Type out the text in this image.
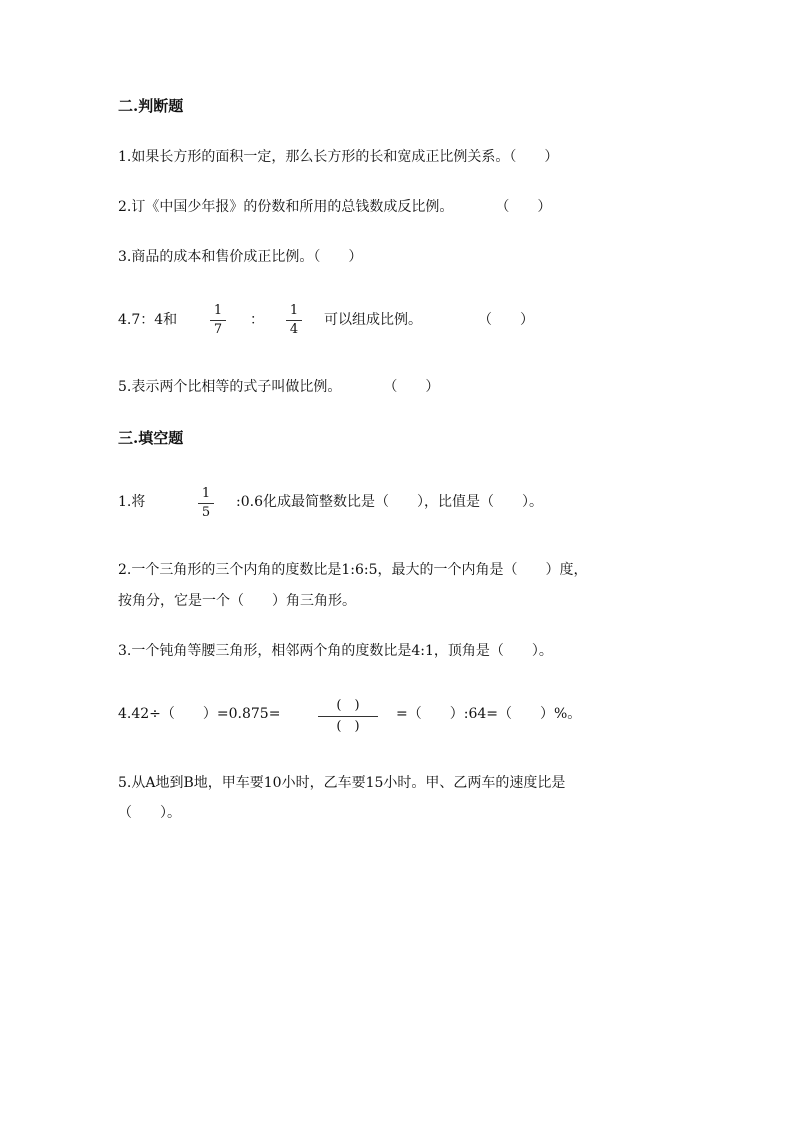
二.判断题
1.如果长方形的面积一定，那么长方形的长和宽成正比例关系。（　　）
2.订《中国少年报》的份数和所用的总钱数成反比例。　　　　（　　）
3.商品的成本和售价成正比例。（　　）
4.7：4和
1
7
：
1
4
可以组成比例。　　　　　（　　）
5.表示两个比相等的式子叫做比例。　　　　（　　）
三.填空题
1.将
1
5
:0.6化成最简整数比是（　　），比值是（　　）。
2.一个三角形的三个内角的度数比是1:6:5，最大的一个内角是（　　）度，
按角分，它是一个（　　）角三角形。
3.一个钝角等腰三角形，相邻两个角的度数比是4:1，顶角是（　　）。
4.42÷（　　）=0.875=
(　)
(　)
=（　　）:64=（　　）%。
5.从A地到B地，甲车要10小时，乙车要15小时。甲、乙两车的速度比是
（　　）。
